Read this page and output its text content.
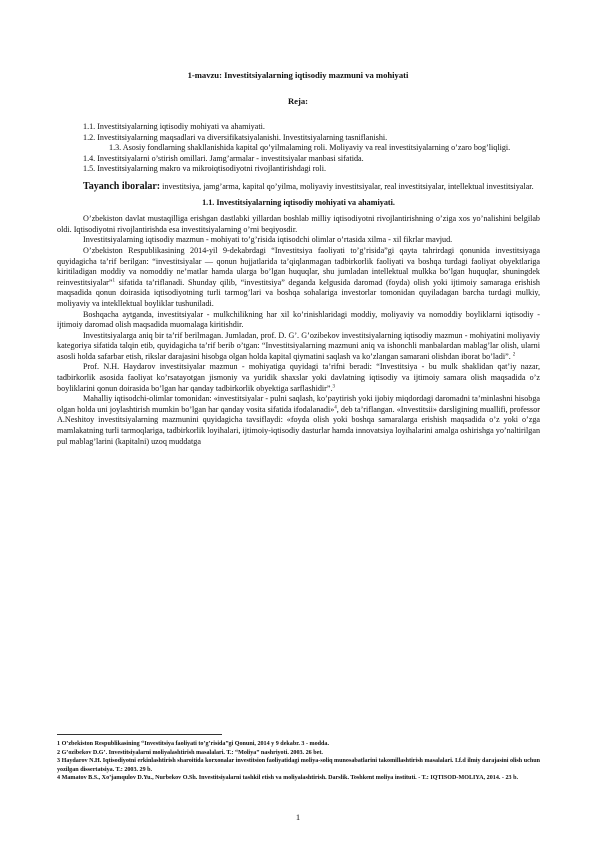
1-mavzu: Investitsiyalarning iqtisodiy mazmuni va mohiyati
Reja:

1.1. Investitsiyalarning iqtisodiy mohiyati va ahamiyati.

1.2. Investitsiyalarning maqsadlari va diversifikatsiyalanishi. Investitsiyalarning tasniflanishi.

1.3. Asosiy fondlarning shakllanishida kapital qo’yilmalaming roli. Moliyaviy va real investitsiyalarning o’zaro bog’liqligi.

1.4. Investitsiyalarni o’stirish omillari. Jamg’armalar - investitsiyalar manbasi sifatida.

1.5. Investitsiyalarning makro va mikroiqtisodiyotni rivojlantirishdagi roli.

Tayanch iboralar: investitsiya, jamg’arma, kapital qo’yilma, moliyaviy investitsiyalar, real investitsiyalar, intellektual investitsiyalar.

1.1. Investitsiyalarning iqtisodiy mohiyati va ahamiyati.

O’zbekiston davlat mustaqilliga erishgan dastlabki yillardan boshlab milliy iqtisodiyotni rivojlantirishning o’ziga xos yo’nalishini belgilab oldi. Iqtisodiyotni rivojlantirishda esa investitsiyalarning o’rni beqiyosdir.

Investitsiyalarning iqtisodiy mazmun - mohiyati to’g’risida iqtisodchi olimlar o’rtasida xilma - xil fikrlar mavjud.

O’zbekiston Respublikasining 2014-yil 9-dekabrdagi “Investitsiya faoliyati to’g’risida”gi qayta tahrirdagi qonunida investitsiyaga quyidagicha ta’rif berilgan: “investitsiyalar — qonun hujjatlarida ta’qiqlanmagan tadbirkorlik faoliyati va boshqa turdagi faoliyat obyektlariga kiritiladigan moddiy va nomoddiy ne’matlar hamda ularga bo’lgan huquqlar, shu jumladan intellektual mulkka bo’lgan huquqlar, shuningdek reinvestitsiyalar”$^1$ sifatida ta’riflanadi. Shunday qilib, “investitsiya” deganda kelgusida daromad (foyda) olish yoki ijtimoiy samaraga erishish maqsadida qonun doirasida iqtisodiyotning turli tarmog’lari va boshqa sohalariga investorlar tomonidan quyiladagan barcha turdagi mulkiy, moliyaviy va intekllektual boyliklar tushuniladi.

Boshqacha aytganda, investitsiyalar - mulkchilikning har xil ko’rinishlaridagi moddiy, moliyaviy va nomoddiy boyliklarni iqtisodiy - ijtimoiy daromad olish maqsadida muomalaga kiritishdir.

Investitsiyalarga aniq bir ta’rif berilmagan. Jumladan, prof. D. G’. G’ozibekov investitsiyalarning iqtisodiy mazmun - mohiyatini moliyaviy kategoriya sifatida talqin etib, quyidagicha ta’rif berib o’tgan: “Investitsiyalarning mazmuni aniq va ishonchli manbalardan mablag’lar olish, ularni asosli holda safarbar etish, rikslar darajasini hisobga olgan holda kapital qiymatini saqlash va ko’zlangan samarani olishdan iborat bo’ladi”. $^2$

Prof. N.H. Haydarov investitsiyalar mazmun - mohiyatiga quyidagi ta’rifni beradi: “Investitsiya - bu mulk shaklidan qat’iy nazar, tadbirkorlik asosida faoliyat ko’rsatayotgan jismoniy va yuridik shaxslar yoki davlatning iqtisodiy va ijtimoiy samara olish maqsadida o’z boyliklarini qonun doirasida bo’lgan har qanday tadbirkorlik obyektiga sarflashidir”.$^3$

Mahalliy iqtisodchi-olimlar tomonidan: «investitsiyalar - pulni saqlash, ko’paytirish yoki ijobiy miqdordagi daromadni ta’minlashni hisobga olgan holda uni joylashtirish mumkin bo’lgan har qanday vosita sifatida ifodalanadi»$^4$, deb ta’riflangan. «Investitsii» darsligining muallifi, professor A.Neshitoy investitsiyalarning mazmunini quyidagicha tavsiflaydi: «foyda olish yoki boshqa samaralarga erishish maqsadida o’z yoki o’zga mamlakatning turli tarmoqlariga, tadbirkorlik loyihalari, ijtimoiy-iqtisodiy dasturlar hamda innovatsiya loyihalarini amalga oshirishga yo’naltirilgan pul mablag’larini (kapitalni) uzoq muddatga

1 O’zbekiston Respublikasining “Investitsiya faoliyati to’g’risida”gi Qonuni, 2014 y 9 dekabr. 3 - modda.
2 G’ozibekov D.G’. Investitsiyalarni moliyalashtirish masalalari. T.: “Moliya” nashriyoti. 2003. 26 bet.
3 Haydarov N.H. Iqtisodiyotni erkinlashtirish sharoitida korxonalar investitsion faoliyatidagi moliya-soliq munosabatlarini takomillashtirish masalalari. I.f.d ilmiy darajasini olish uchun yozilgan dissertatsiya. T.: 2003. 29 b.
4 Mamatov B.S., Xo’jamqulov D.Yu., Nurbekov O.Sh. Investitsiyalarni tashkil etish va moliyalashtirish. Darslik. Toshkent moliya instituti. - T.: IQTISOD-MOLIYA, 2014. - 23 b.
1
